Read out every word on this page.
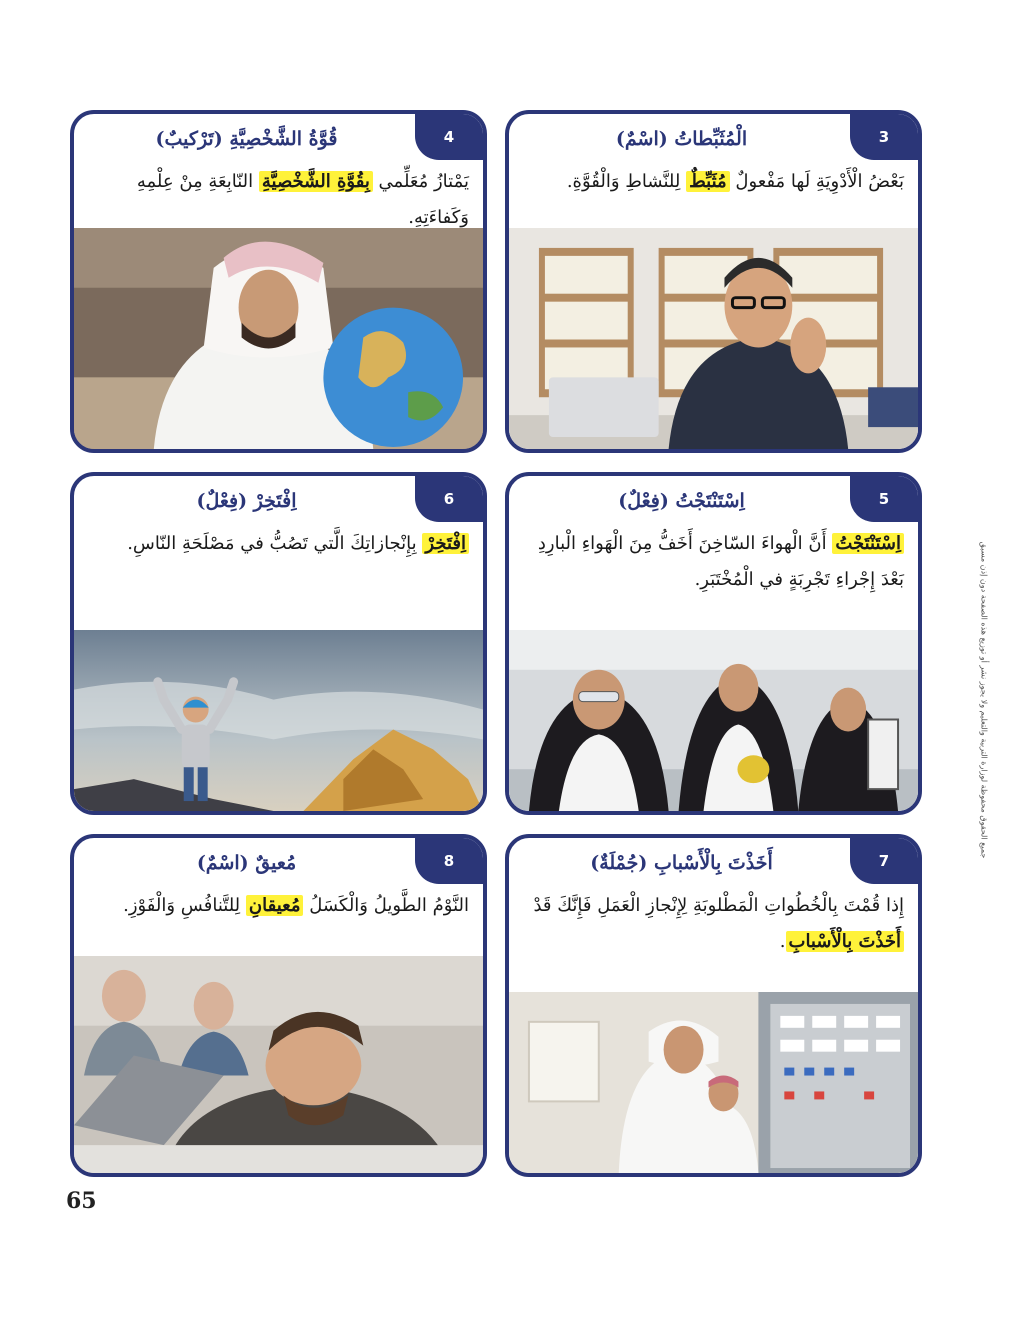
3
الْمُثَبِّطاتُ (اسْمٌ)
بَعْضُ الْأَدْوِيَةِ لَها مَفْعولٌ مُثَبِّطٌ لِلنَّشاطِ وَالْقُوَّةِ.
4
قُوَّةُ الشَّخْصِيَّةِ (تَرْكيبٌ)
يَمْتازُ مُعَلِّمي بِقُوَّةِ الشَّخْصِيَّةِ النّابِعَةِ مِنْ عِلْمِهِ وَكَفاءَتِهِ.
5
اِسْتَنْتَجْتُ (فِعْلٌ)
اِسْتَنْتَجْتُ أَنَّ الْهواءَ السّاخِنَ أَخَفُّ مِنَ الْهَواءِ الْبارِدِ بَعْدَ إِجْراءِ تَجْرِبَةٍ في الْمُخْتَبَرِ.
6
اِفْتَخِرْ (فِعْلٌ)
اِفْتَخِرْ بِإِنْجازاتِكَ الَّتي تَصُبُّ في مَصْلَحَةِ النّاسِ.
7
أَخَذْتَ بِالْأَسْبابِ (جُمْلَةٌ)
إِذا قُمْتَ بِالْخُطُواتِ الْمَطْلوبَةِ لِإِنْجازِ الْعَمَلِ فَإِنَّكَ قَدْ أَخَذْتَ بِالْأَسْبابِ.
8
مُعيقٌ (اسْمٌ)
النَّوْمُ الطَّويلُ وَالْكَسَلُ مُعيقانِ لِلتَّنافُسِ وَالْفَوْزِ.
65
جميع الحقوق محفوظة لوزارة التربية والتعليم ولا يجوز نشر أو توزيع هذه الصفحة دون إذن مسبق
